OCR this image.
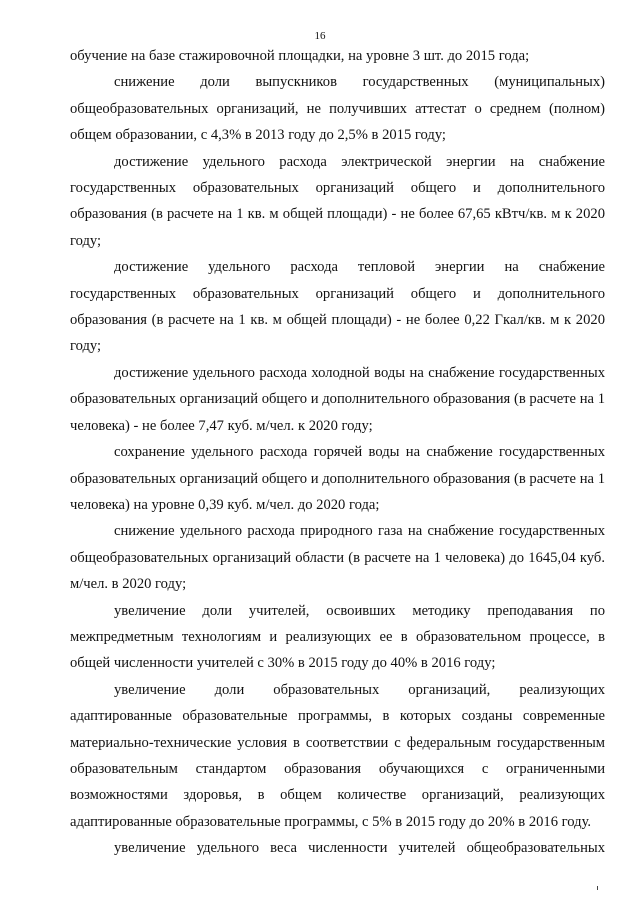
16

обучение на базе стажировочной площадки, на уровне 3 шт. до 2015 года;

снижение доли выпускников государственных (муниципальных) общеобразовательных организаций, не получивших аттестат о среднем (полном) общем образовании, с 4,3% в 2013 году до 2,5% в 2015 году;

достижение удельного расхода электрической энергии на снабжение государственных образовательных организаций общего и дополнительного образования (в расчете на 1 кв. м общей площади) - не более 67,65 кВтч/кв. м к 2020 году;

достижение удельного расхода тепловой энергии на снабжение государственных образовательных организаций общего и дополнительного образования (в расчете на 1 кв. м общей площади) - не более 0,22 Гкал/кв. м к 2020 году;

достижение удельного расхода холодной воды на снабжение государственных образовательных организаций общего и дополнительного образования (в расчете на 1 человека) - не более 7,47 куб. м/чел. к 2020 году;

сохранение удельного расхода горячей воды на снабжение государственных образовательных организаций общего и дополнительного образования (в расчете на 1 человека) на уровне 0,39 куб. м/чел. до 2020 года;

снижение удельного расхода природного газа на снабжение государственных общеобразовательных организаций области (в расчете на 1 человека) до 1645,04 куб. м/чел. в 2020 году;

увеличение доли учителей, освоивших методику преподавания по межпредметным технологиям и реализующих ее в образовательном процессе, в общей численности учителей с 30% в 2015 году до 40% в 2016 году;

увеличение доли образовательных организаций, реализующих адаптированные образовательные программы, в которых созданы современные материально-технические условия в соответствии с федеральным государственным образовательным стандартом образования обучающихся с ограниченными возможностями здоровья, в общем количестве организаций, реализующих адаптированные образовательные программы, с 5% в 2015 году до 20% в 2016 году.

увеличение удельного веса численности учителей общеобразовательных
